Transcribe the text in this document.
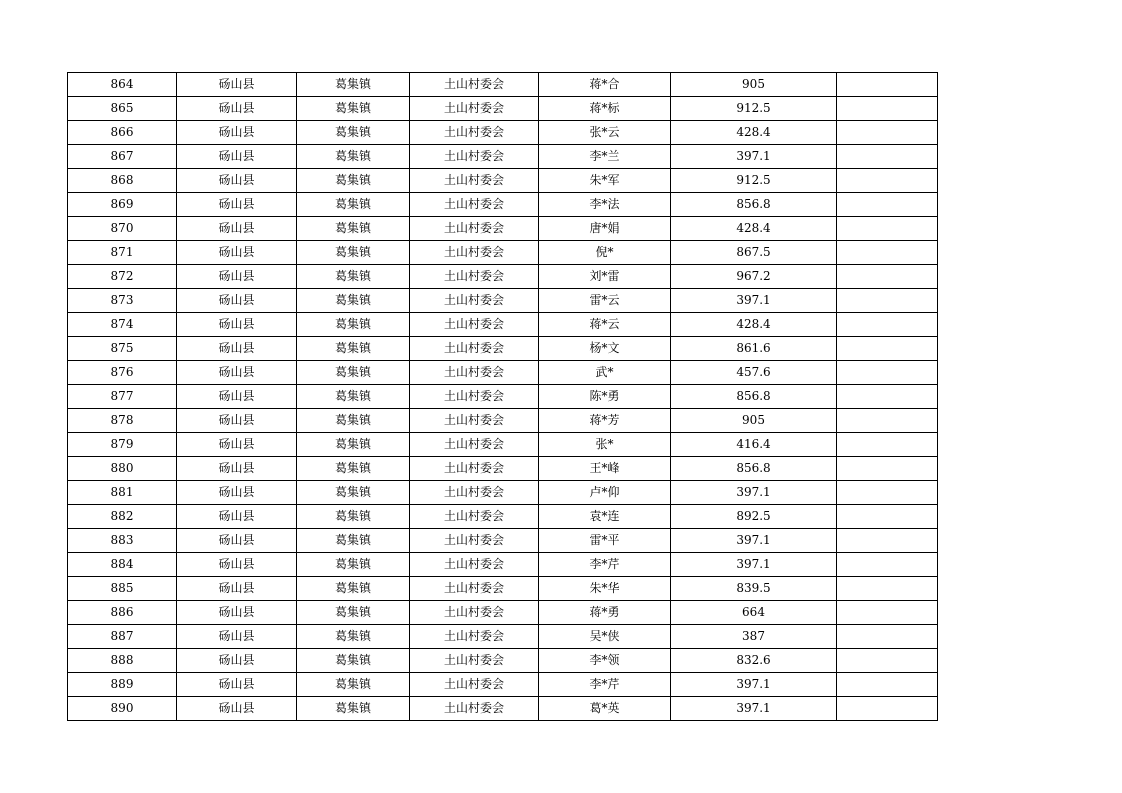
864	砀山县	葛集镇	土山村委会	蒋*合	905	
865	砀山县	葛集镇	土山村委会	蒋*标	912.5	
866	砀山县	葛集镇	土山村委会	张*云	428.4	
867	砀山县	葛集镇	土山村委会	李*兰	397.1	
868	砀山县	葛集镇	土山村委会	朱*军	912.5	
869	砀山县	葛集镇	土山村委会	李*法	856.8	
870	砀山县	葛集镇	土山村委会	唐*娟	428.4	
871	砀山县	葛集镇	土山村委会	倪*	867.5	
872	砀山县	葛集镇	土山村委会	刘*雷	967.2	
873	砀山县	葛集镇	土山村委会	雷*云	397.1	
874	砀山县	葛集镇	土山村委会	蒋*云	428.4	
875	砀山县	葛集镇	土山村委会	杨*文	861.6	
876	砀山县	葛集镇	土山村委会	武*	457.6	
877	砀山县	葛集镇	土山村委会	陈*勇	856.8	
878	砀山县	葛集镇	土山村委会	蒋*芳	905	
879	砀山县	葛集镇	土山村委会	张*	416.4	
880	砀山县	葛集镇	土山村委会	王*峰	856.8	
881	砀山县	葛集镇	土山村委会	卢*仰	397.1	
882	砀山县	葛集镇	土山村委会	袁*连	892.5	
883	砀山县	葛集镇	土山村委会	雷*平	397.1	
884	砀山县	葛集镇	土山村委会	李*芹	397.1	
885	砀山县	葛集镇	土山村委会	朱*华	839.5	
886	砀山县	葛集镇	土山村委会	蒋*勇	664	
887	砀山县	葛集镇	土山村委会	吴*侠	387	
888	砀山县	葛集镇	土山村委会	李*领	832.6	
889	砀山县	葛集镇	土山村委会	李*芹	397.1	
890	砀山县	葛集镇	土山村委会	葛*英	397.1	
